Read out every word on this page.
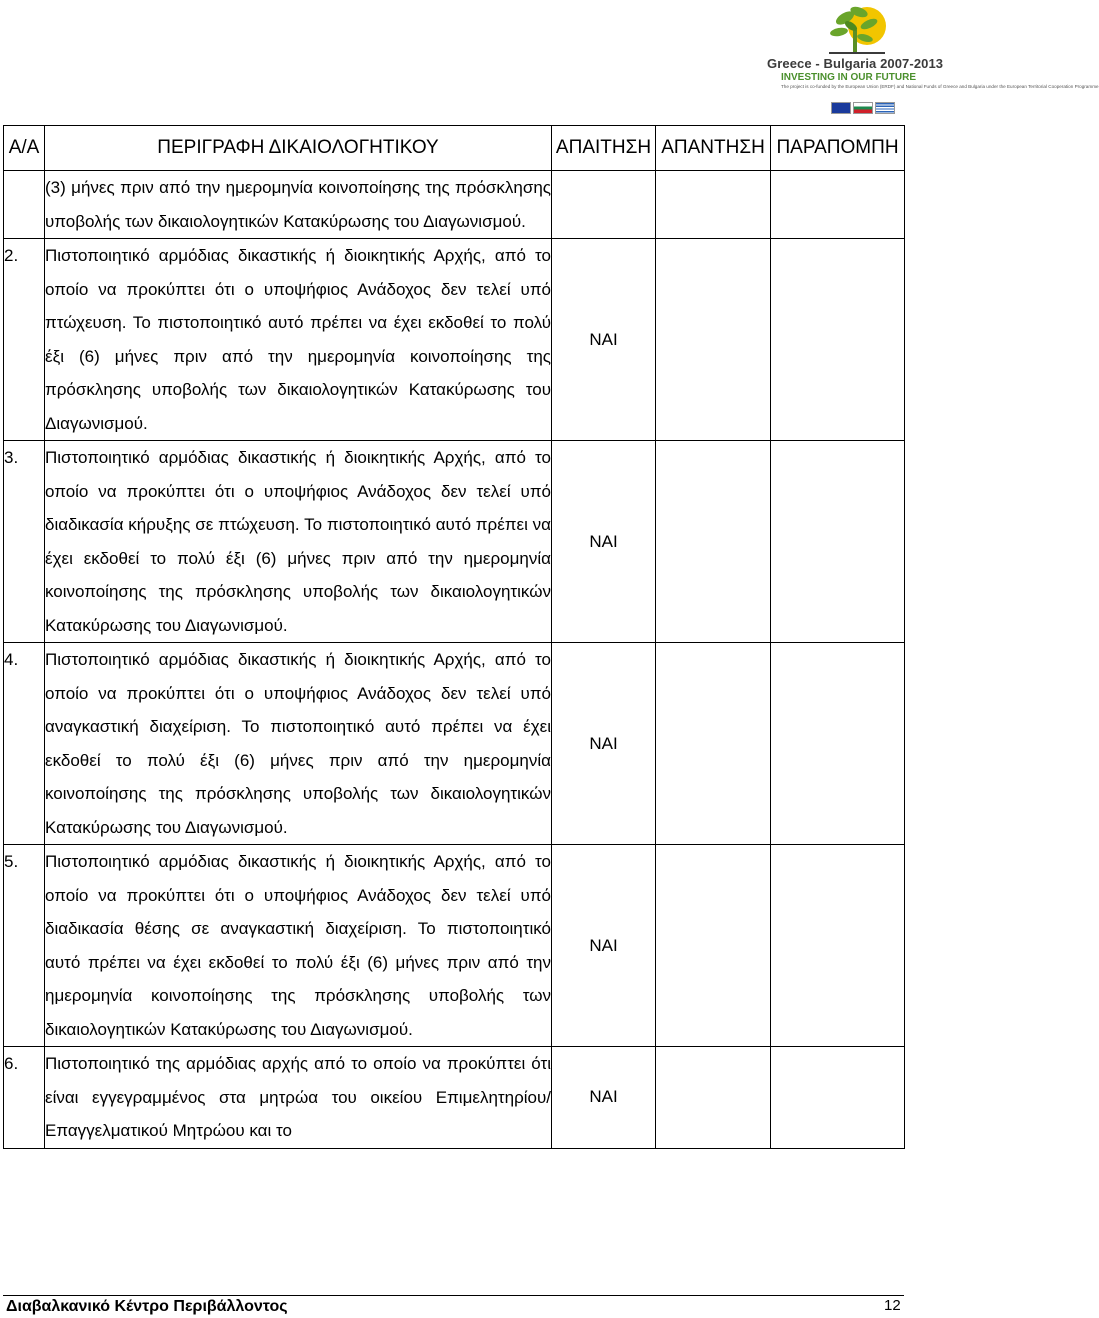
Greece - Bulgaria 2007-2013
INVESTING IN OUR FUTURE
The project is co-funded by the European Union (ERDF) and National Funds of Greece and Bulgaria under the European Territorial Cooperation Programme
Α/Α	ΠΕΡΙΓΡΑΦΗ ΔΙΚΑΙΟΛΟΓΗΤΙΚΟΥ	ΑΠΑΙΤΗΣΗ	ΑΠΑΝΤΗΣΗ	ΠΑΡΑΠΟΜΠΗ

	(3) μήνες πριν από την ημερομηνία κοινοποίησης της πρόσκλησης υποβολής των δικαιολογητικών Κατακύρωσης του Διαγωνισμού.			

2.	Πιστοποιητικό αρμόδιας δικαστικής ή διοικητικής Αρχής, από το οποίο να προκύπτει ότι ο υποψήφιος Ανάδοχος δεν τελεί υπό πτώχευση. Το πιστοποιητικό αυτό πρέπει να έχει εκδοθεί το πολύ έξι (6) μήνες πριν από την ημερομηνία κοινοποίησης της πρόσκλησης υποβολής των δικαιολογητικών Κατακύρωσης του Διαγωνισμού.	ΝΑΙ		

3.	Πιστοποιητικό αρμόδιας δικαστικής ή διοικητικής Αρχής, από το οποίο να προκύπτει ότι ο υποψήφιος Ανάδοχος δεν τελεί υπό διαδικασία κήρυξης σε πτώχευση. Το πιστοποιητικό αυτό πρέπει να έχει εκδοθεί το πολύ έξι (6) μήνες πριν από την ημερομηνία κοινοποίησης της πρόσκλησης υποβολής των δικαιολογητικών Κατακύρωσης του Διαγωνισμού.	ΝΑΙ		

4.	Πιστοποιητικό αρμόδιας δικαστικής ή διοικητικής Αρχής, από το οποίο να προκύπτει ότι ο υποψήφιος Ανάδοχος δεν τελεί υπό αναγκαστική διαχείριση. Το πιστοποιητικό αυτό πρέπει να έχει εκδοθεί το πολύ έξι (6) μήνες πριν από την ημερομηνία κοινοποίησης της πρόσκλησης υποβολής των δικαιολογητικών Κατακύρωσης του Διαγωνισμού.	ΝΑΙ		

5.	Πιστοποιητικό αρμόδιας δικαστικής ή διοικητικής Αρχής, από το οποίο να προκύπτει ότι ο υποψήφιος Ανάδοχος δεν τελεί υπό διαδικασία θέσης σε αναγκαστική διαχείριση. Το πιστοποιητικό αυτό πρέπει να έχει εκδοθεί το πολύ έξι (6) μήνες πριν από την ημερομηνία κοινοποίησης της πρόσκλησης υποβολής των δικαιολογητικών Κατακύρωσης του Διαγωνισμού.	ΝΑΙ		

6.	Πιστοποιητικό της αρμόδιας αρχής από το οποίο να προκύπτει ότι είναι εγγεγραμμένος στα μητρώα του οικείου Επιμελητηρίου/Επαγγελματικού Μητρώου και το	ΝΑΙ		
Διαβαλκανικό Κέντρο Περιβάλλοντος	12
